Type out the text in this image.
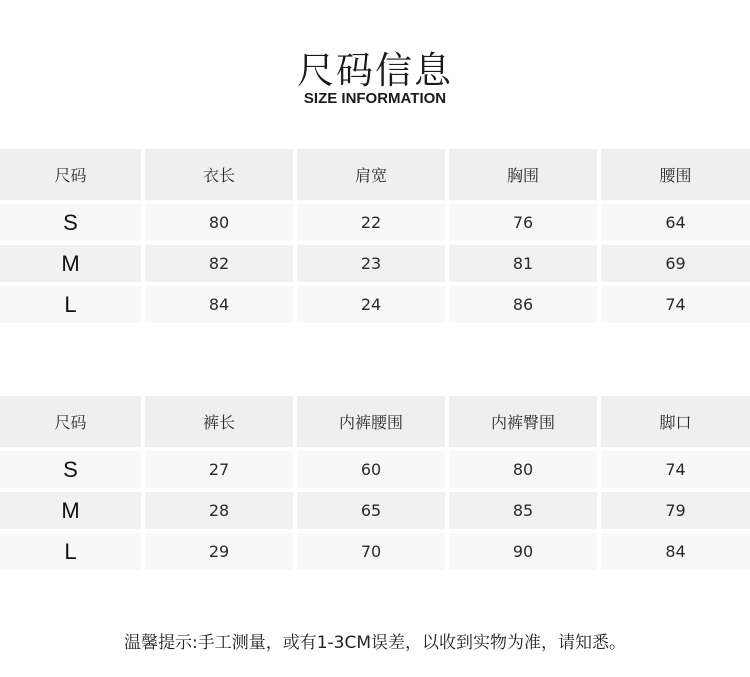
尺码信息
SIZE INFORMATION
尺码	衣长	肩宽	胸围	腰围
S	80	22	76	64
M	82	23	81	69
L	84	24	86	74
尺码	裤长	内裤腰围	内裤臀围	脚口
S	27	60	80	74
M	28	65	85	79
L	29	70	90	84
温馨提示:手工测量，或有1-3CM误差，以收到实物为准，请知悉。
